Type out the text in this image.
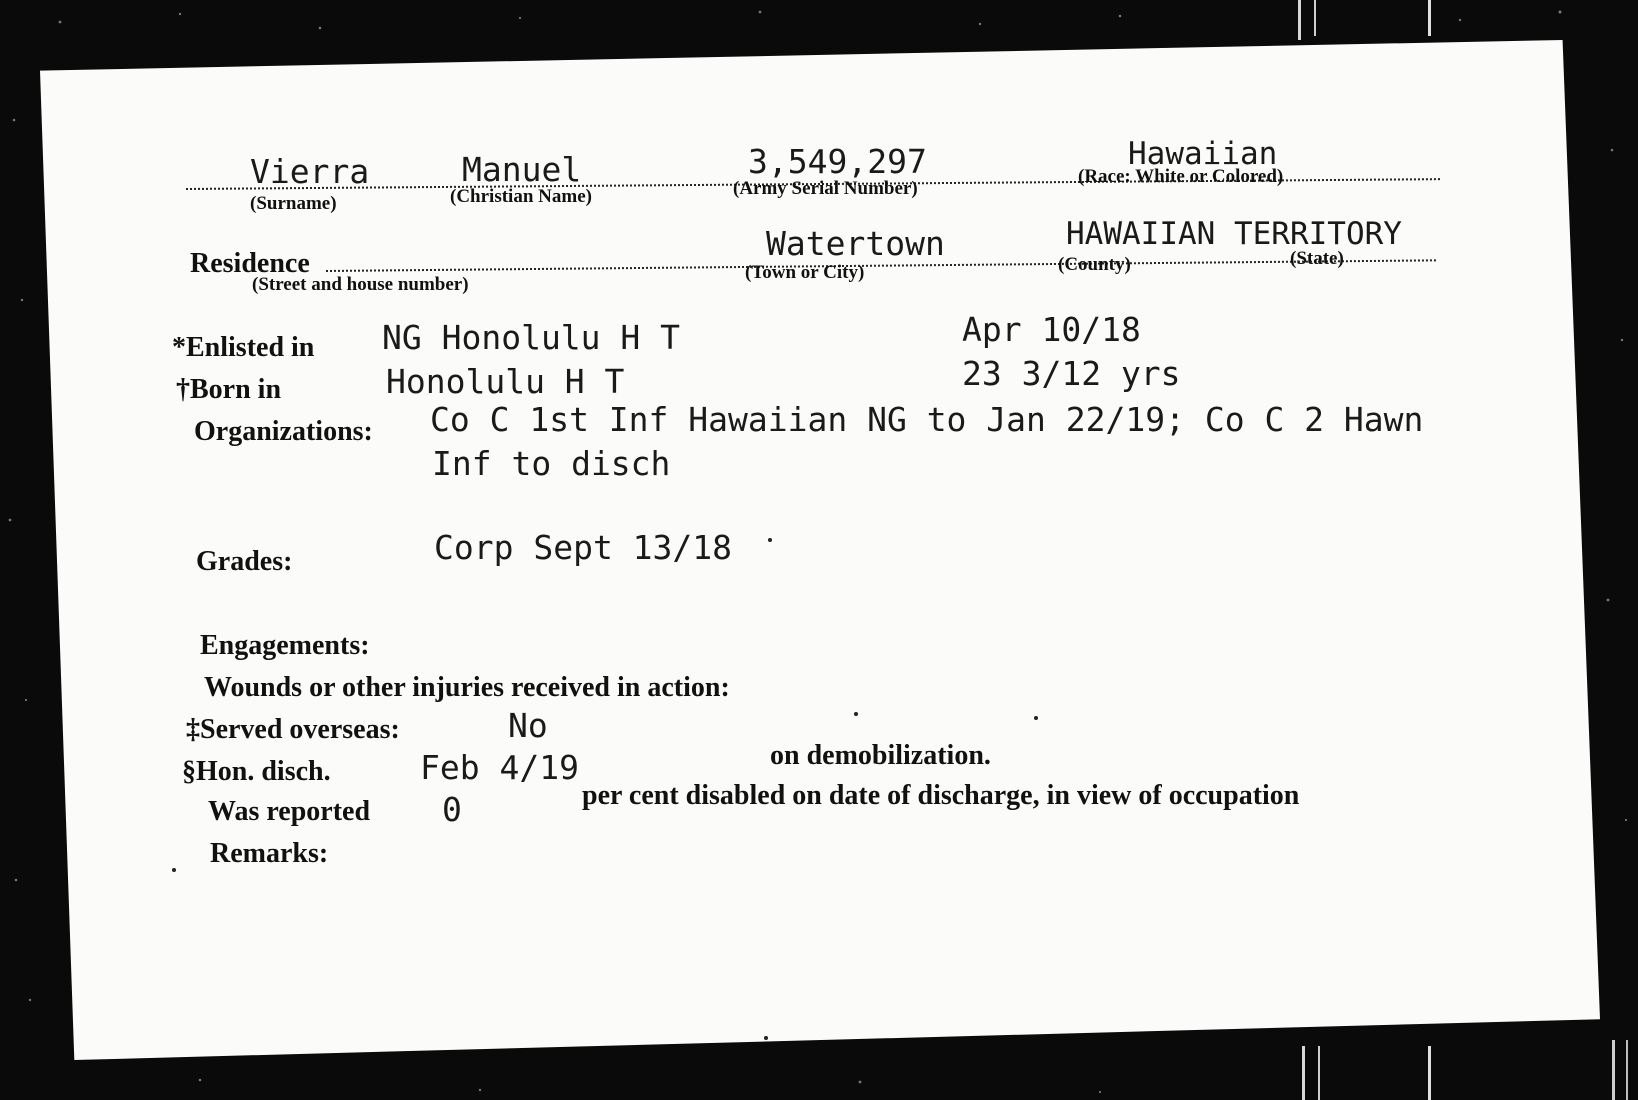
Vierra
(Surname)
Manuel
(Christian Name)
3,549,297
(Army Serial Number)
Hawaiian
(Race: White or Colored)
Residence
(Street and house number)
Watertown
(Town or City)
HAWAIIAN TERRITORY
(County)	(State)
*Enlisted in NG Honolulu H T	Apr 10/18
†Born in	Honolulu H T	23 3/12 yrs
Organizations: Co C 1st Inf Hawaiian NG to Jan 22/19; Co C 2 Hawn
Inf to disch
Grades:	Corp Sept 13/18
Engagements:
Wounds or other injuries received in action:
‡Served overseas:	No
§Hon. disch.	Feb 4/19	on demobilization.
Was reported 0	per cent disabled on date of discharge, in view of occupation
Remarks:
